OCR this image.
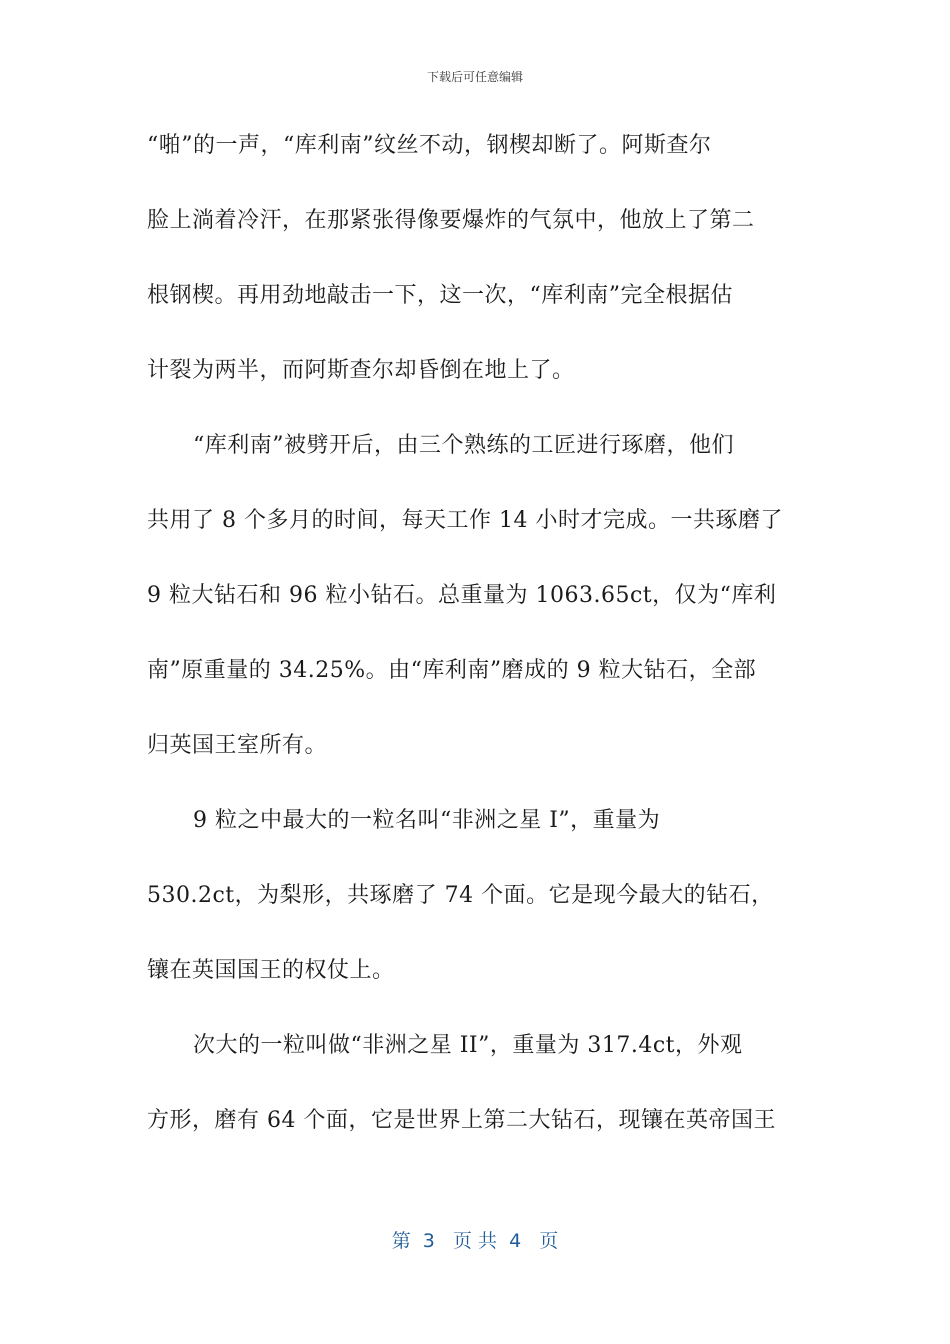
下载后可任意编辑
“啪”的一声，“库利南”纹丝不动，钢楔却断了。阿斯查尔
脸上淌着冷汗，在那紧张得像要爆炸的气氛中，他放上了第二
根钢楔。再用劲地敲击一下，这一次，“库利南”完全根据估
计裂为两半，而阿斯查尔却昏倒在地上了。
“库利南”被劈开后，由三个熟练的工匠进行琢磨，他们
共用了 8 个多月的时间，每天工作 14 小时才完成。一共琢磨了
9 粒大钻石和 96 粒小钻石。总重量为 1063.65ct，仅为“库利
南”原重量的 34.25%。由“库利南”磨成的 9 粒大钻石，全部
归英国王室所有。
9 粒之中最大的一粒名叫“非洲之星 I”，重量为
530.2ct，为梨形，共琢磨了 74 个面。它是现今最大的钻石，
镶在英国国王的权仗上。
次大的一粒叫做“非洲之星 II”，重量为 317.4ct，外观
方形，磨有 64 个面，它是世界上第二大钻石，现镶在英帝国王
第  3   页 共  4   页
